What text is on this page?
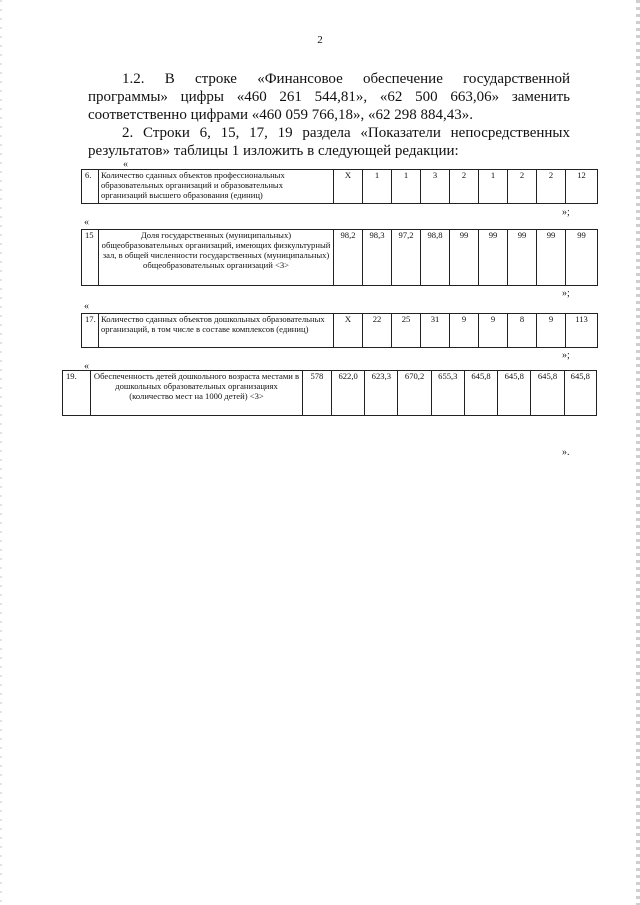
2

1.2. В строке «Финансовое обеспечение государственной программы» цифры «460 261 544,81», «62 500 663,06» заменить

соответственно цифрами «460 059 766,18», «62 298 884,43».

2. Строки 6, 15, 17, 19 раздела «Показатели непосредственных

результатов» таблицы 1 изложить в следующей редакции:

«
6.	Количество сданных объектов профессиональных образовательных организаций и образовательных организаций высшего образования (единиц)	Х	1	1	3	2	1	2	2	12
»;
«
15	Доля государственных (муниципальных) общеобразовательных организаций, имеющих физкультурный зал, в общей численности государственных (муниципальных) общеобразовательных организаций <3>	98,2	98,3	97,2	98,8	99	99	99	99	99
»;
«
17.	Количество сданных объектов дошкольных образовательных организаций, в том числе в составе комплексов (единиц)	Х	22	25	31	9	9	8	9	113
»;
«
19.	Обеспеченность детей дошкольного возраста местами в дошкольных образовательных организациях (количество мест на 1000 детей) <3>	578	622,0	623,3	670,2	655,3	645,8	645,8	645,8	645,8
».
